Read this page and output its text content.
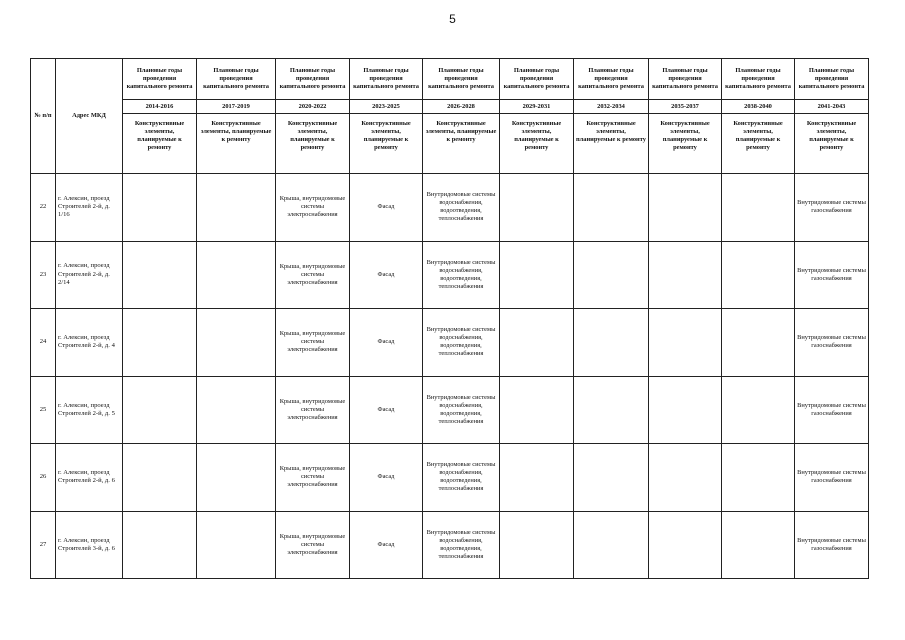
5
№ п/п	Адрес МКД	Плановые годы проведения капитального ремонта	Плановые годы проведения капитального ремонта	Плановые годы проведения капитального ремонта	Плановые годы проведения капитального ремонта	Плановые годы проведения капитального ремонта	Плановые годы проведения капитального ремонта	Плановые годы проведения капитального ремонта	Плановые годы проведения капитального ремонта	Плановые годы проведения капитального ремонта	Плановые годы проведения капитального ремонта
		2014-2016	2017-2019	2020-2022	2023-2025	2026-2028	2029-2031	2032-2034	2035-2037	2038-2040	2041-2043
		Конструктивные элементы, планируемые к ремонту	Конструктивные элементы, планируемые к ремонту	Конструктивные элементы, планируемые к ремонту	Конструктивные элементы, планируемые к ремонту	Конструктивные элементы, планируемые к ремонту	Конструктивные элементы, планируемые к ремонту	Конструктивные элементы, планируемые к ремонту	Конструктивные элементы, планируемые к ремонту	Конструктивные элементы, планируемые к ремонту	Конструктивные элементы, планируемые к ремонту
22	г. Алексин, проезд Строителей 2-й, д. 1/16			Крыша, внутридомовые системы электроснабжения	Фасад	Внутридомовые системы водоснабжения, водоотведения, теплоснабжения					Внутридомовые системы газоснабжения
23	г. Алексин, проезд Строителей 2-й, д. 2/14			Крыша, внутридомовые системы электроснабжения	Фасад	Внутридомовые системы водоснабжения, водоотведения, теплоснабжения					Внутридомовые системы газоснабжения
24	г. Алексин, проезд Строителей 2-й, д. 4			Крыша, внутридомовые системы электроснабжения	Фасад	Внутридомовые системы водоснабжения, водоотведения, теплоснабжения					Внутридомовые системы газоснабжения
25	г. Алексин, проезд Строителей 2-й, д. 5			Крыша, внутридомовые системы электроснабжения	Фасад	Внутридомовые системы водоснабжения, водоотведения, теплоснабжения					Внутридомовые системы газоснабжения
26	г. Алексин, проезд Строителей 2-й, д. 6			Крыша, внутридомовые системы электроснабжения	Фасад	Внутридомовые системы водоснабжения, водоотведения, теплоснабжения					Внутридомовые системы газоснабжения
27	г. Алексин, проезд Строителей 3-й, д. 6			Крыша, внутридомовые системы электроснабжения	Фасад	Внутридомовые системы водоснабжения, водоотведения, теплоснабжения					Внутридомовые системы газоснабжения
